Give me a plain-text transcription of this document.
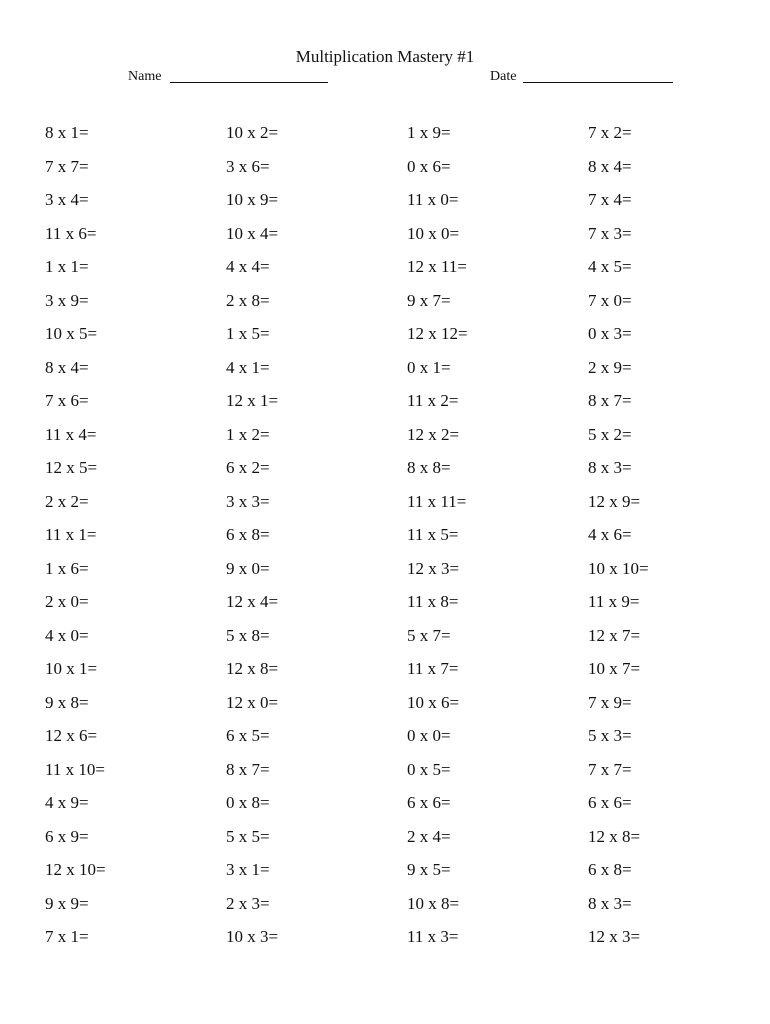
Multiplication Mastery #1
Name	Date
8 x 1=	10 x 2=	1 x 9=	7 x 2=
7 x 7=	3 x 6=	0 x 6=	8 x 4=
3 x 4=	10 x 9=	11 x 0=	7 x 4=
11 x 6=	10 x 4=	10 x 0=	7 x 3=
1 x 1=	4 x 4=	12 x 11=	4 x 5=
3 x 9=	2 x 8=	9 x 7=	7 x 0=
10 x 5=	1 x 5=	12 x 12=	0 x 3=
8 x 4=	4 x 1=	0 x 1=	2 x 9=
7 x 6=	12 x 1=	11 x 2=	8 x 7=
11 x 4=	1 x 2=	12 x 2=	5 x 2=
12 x 5=	6 x 2=	8 x 8=	8 x 3=
2 x 2=	3 x 3=	11 x 11=	12 x 9=
11 x 1=	6 x 8=	11 x 5=	4 x 6=
1 x 6=	9 x 0=	12 x 3=	10 x 10=
2 x 0=	12 x 4=	11 x 8=	11 x 9=
4 x 0=	5 x 8=	5 x 7=	12 x 7=
10 x 1=	12 x 8=	11 x 7=	10 x 7=
9 x 8=	12 x 0=	10 x 6=	7 x 9=
12 x 6=	6 x 5=	0 x 0=	5 x 3=
11 x 10=	8 x 7=	0 x 5=	7 x 7=
4 x 9=	0 x 8=	6 x 6=	6 x 6=
6 x 9=	5 x 5=	2 x 4=	12 x 8=
12 x 10=	3 x 1=	9 x 5=	6 x 8=
9 x 9=	2 x 3=	10 x 8=	8 x 3=
7 x 1=	10 x 3=	11 x 3=	12 x 3=
